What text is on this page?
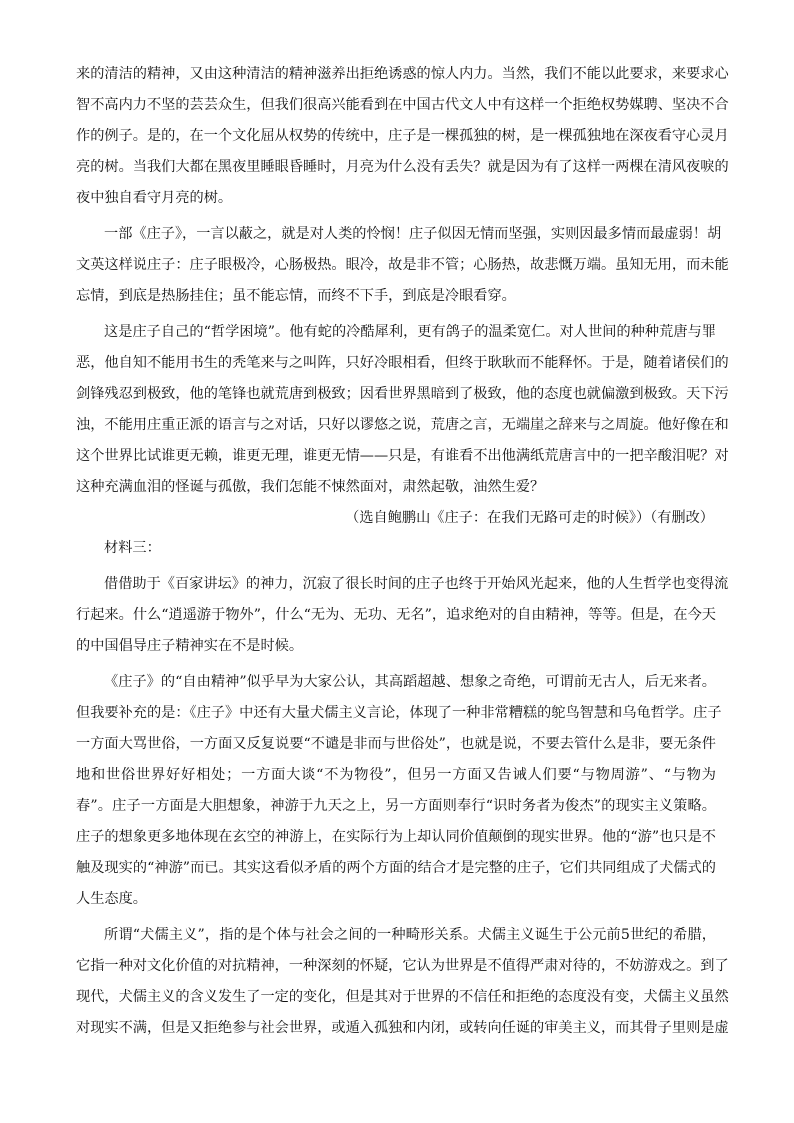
来的清洁的精神，又由这种清洁的精神滋养出拒绝诱惑的惊人内力。当然，我们不能以此要求，来要求心
智不高内力不坚的芸芸众生，但我们很高兴能看到在中国古代文人中有这样一个拒绝权势媒聘、坚决不合
作的例子。是的，在一个文化屈从权势的传统中，庄子是一棵孤独的树，是一棵孤独地在深夜看守心灵月
亮的树。当我们大都在黑夜里睡眼昏睡时，月亮为什么没有丢失？就是因为有了这样一两棵在清风夜唳的
夜中独自看守月亮的树。
一部《庄子》，一言以蔽之，就是对人类的怜悯！庄子似因无情而坚强，实则因最多情而最虚弱！胡
文英这样说庄子：庄子眼极冷，心肠极热。眼冷，故是非不管；心肠热，故悲慨万端。虽知无用，而未能
忘情，到底是热肠挂住；虽不能忘情，而终不下手，到底是冷眼看穿。
这是庄子自己的“哲学困境”。他有蛇的冷酷犀利，更有鸽子的温柔宽仁。对人世间的种种荒唐与罪
恶，他自知不能用书生的秃笔来与之叫阵，只好冷眼相看，但终于耿耿而不能释怀。于是，随着诸侯们的
剑锋残忍到极致，他的笔锋也就荒唐到极致；因看世界黑暗到了极致，他的态度也就偏激到极致。天下污
浊，不能用庄重正派的语言与之对话，只好以谬悠之说，荒唐之言，无端崖之辞来与之周旋。他好像在和
这个世界比试谁更无赖，谁更无理，谁更无情——只是，有谁看不出他满纸荒唐言中的一把辛酸泪呢？对
这种充满血泪的怪诞与孤傲，我们怎能不悚然面对，肃然起敬，油然生爱？
（选自鲍鹏山《庄子：在我们无路可走的时候》）（有删改）
材料三：
借借助于《百家讲坛》的神力，沉寂了很长时间的庄子也终于开始风光起来，他的人生哲学也变得流
行起来。什么“逍遥游于物外”，什么“无为、无功、无名”，追求绝对的自由精神，等等。但是，在今天
的中国倡导庄子精神实在不是时候。
《庄子》的“自由精神”似乎早为大家公认，其高蹈超越、想象之奇绝，可谓前无古人，后无来者。
但我要补充的是：《庄子》中还有大量犬儒主义言论，体现了一种非常糟糕的鸵鸟智慧和乌龟哲学。庄子
一方面大骂世俗，一方面又反复说要“不谴是非而与世俗处”，也就是说，不要去管什么是非，要无条件
地和世俗世界好好相处；一方面大谈“不为物役”，但另一方面又告诫人们要“与物周游”、“与物为
春”。庄子一方面是大胆想象，神游于九天之上，另一方面则奉行“识时务者为俊杰”的现实主义策略。
庄子的想象更多地体现在玄空的神游上，在实际行为上却认同价值颠倒的现实世界。他的“游”也只是不
触及现实的“神游”而已。其实这看似矛盾的两个方面的结合才是完整的庄子，它们共同组成了犬儒式的
人生态度。
所谓“犬儒主义”，指的是个体与社会之间的一种畸形关系。犬儒主义诞生于公元前5世纪的希腊，
它指一种对文化价值的对抗精神，一种深刻的怀疑，它认为世界是不值得严肃对待的，不妨游戏之。到了
现代，犬儒主义的含义发生了一定的变化，但是其对于世界的不信任和拒绝的态度没有变，犬儒主义虽然
对现实不满，但是又拒绝参与社会世界，或遁入孤独和内闭，或转向任诞的审美主义，而其骨子里则是虚
